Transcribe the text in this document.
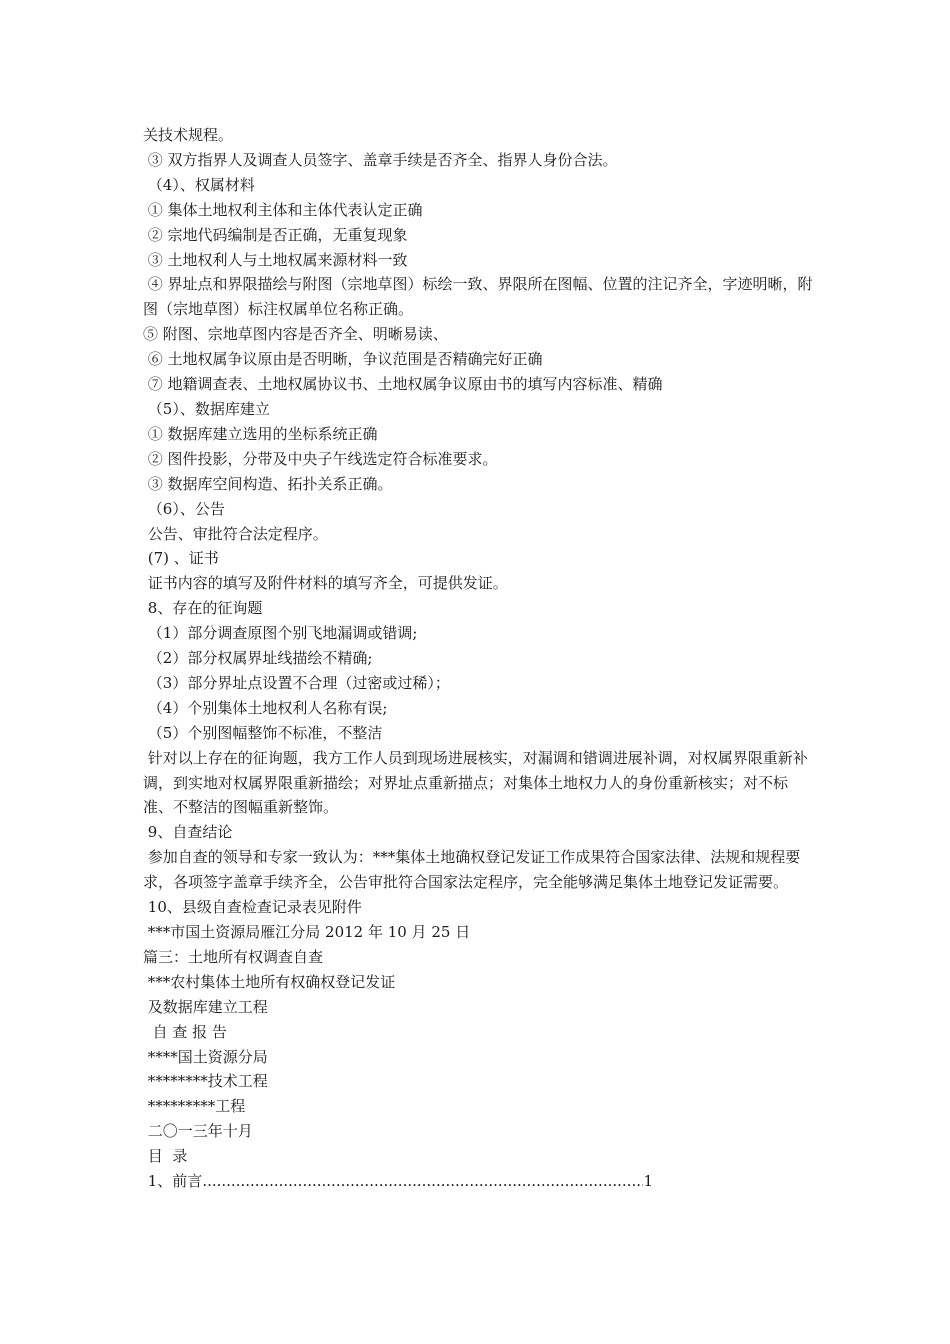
关技术规程。
③ 双方指界人及调查人员签字、盖章手续是否齐全、指界人身份合法。
（4）、权属材料
① 集体土地权利主体和主体代表认定正确
② 宗地代码编制是否正确，无重复现象
③ 土地权利人与土地权属来源材料一致
④ 界址点和界限描绘与附图（宗地草图）标绘一致、界限所在图幅、位置的注记齐全，字迹明晰，附图（宗地草图）标注权属单位名称正确。
⑤ 附图、宗地草图内容是否齐全、明晰易读、
⑥ 土地权属争议原由是否明晰，争议范围是否精确完好正确
⑦ 地籍调查表、土地权属协议书、土地权属争议原由书的填写内容标准、精确
（5）、数据库建立
① 数据库建立选用的坐标系统正确
② 图件投影，分带及中央子午线选定符合标准要求。
③ 数据库空间构造、拓扑关系正确。
（6）、公告
公告、审批符合法定程序。
(7) 、证书
证书内容的填写及附件材料的填写齐全，可提供发证。
8、存在的征询题
（1）部分调查原图个别飞地漏调或错调;
（2）部分权属界址线描绘不精确;
（3）部分界址点设置不合理（过密或过稀）；
（4）个别集体土地权利人名称有误;
（5）个别图幅整饰不标准，不整洁
针对以上存在的征询题，我方工作人员到现场进展核实，对漏调和错调进展补调，对权属界限重新补调，到实地对权属界限重新描绘；对界址点重新描点；对集体土地权力人的身份重新核实；对不标准、不整洁的图幅重新整饰。
9、自查结论
参加自查的领导和专家一致认为：***集体土地确权登记发证工作成果符合国家法律、法规和规程要求，各项签字盖章手续齐全，公告审批符合国家法定程序，完全能够满足集体土地登记发证需要。
10、县级自查检查记录表见附件
***市国土资源局雁江分局 2012 年 10 月 25 日
篇三：土地所有权调查自查
***农村集体土地所有权确权登记发证
及数据库建立工程
自 查 报 告
****国土资源分局
********技术工程
*********工程
二〇一三年十月
目  录
1、前言
.....	1
